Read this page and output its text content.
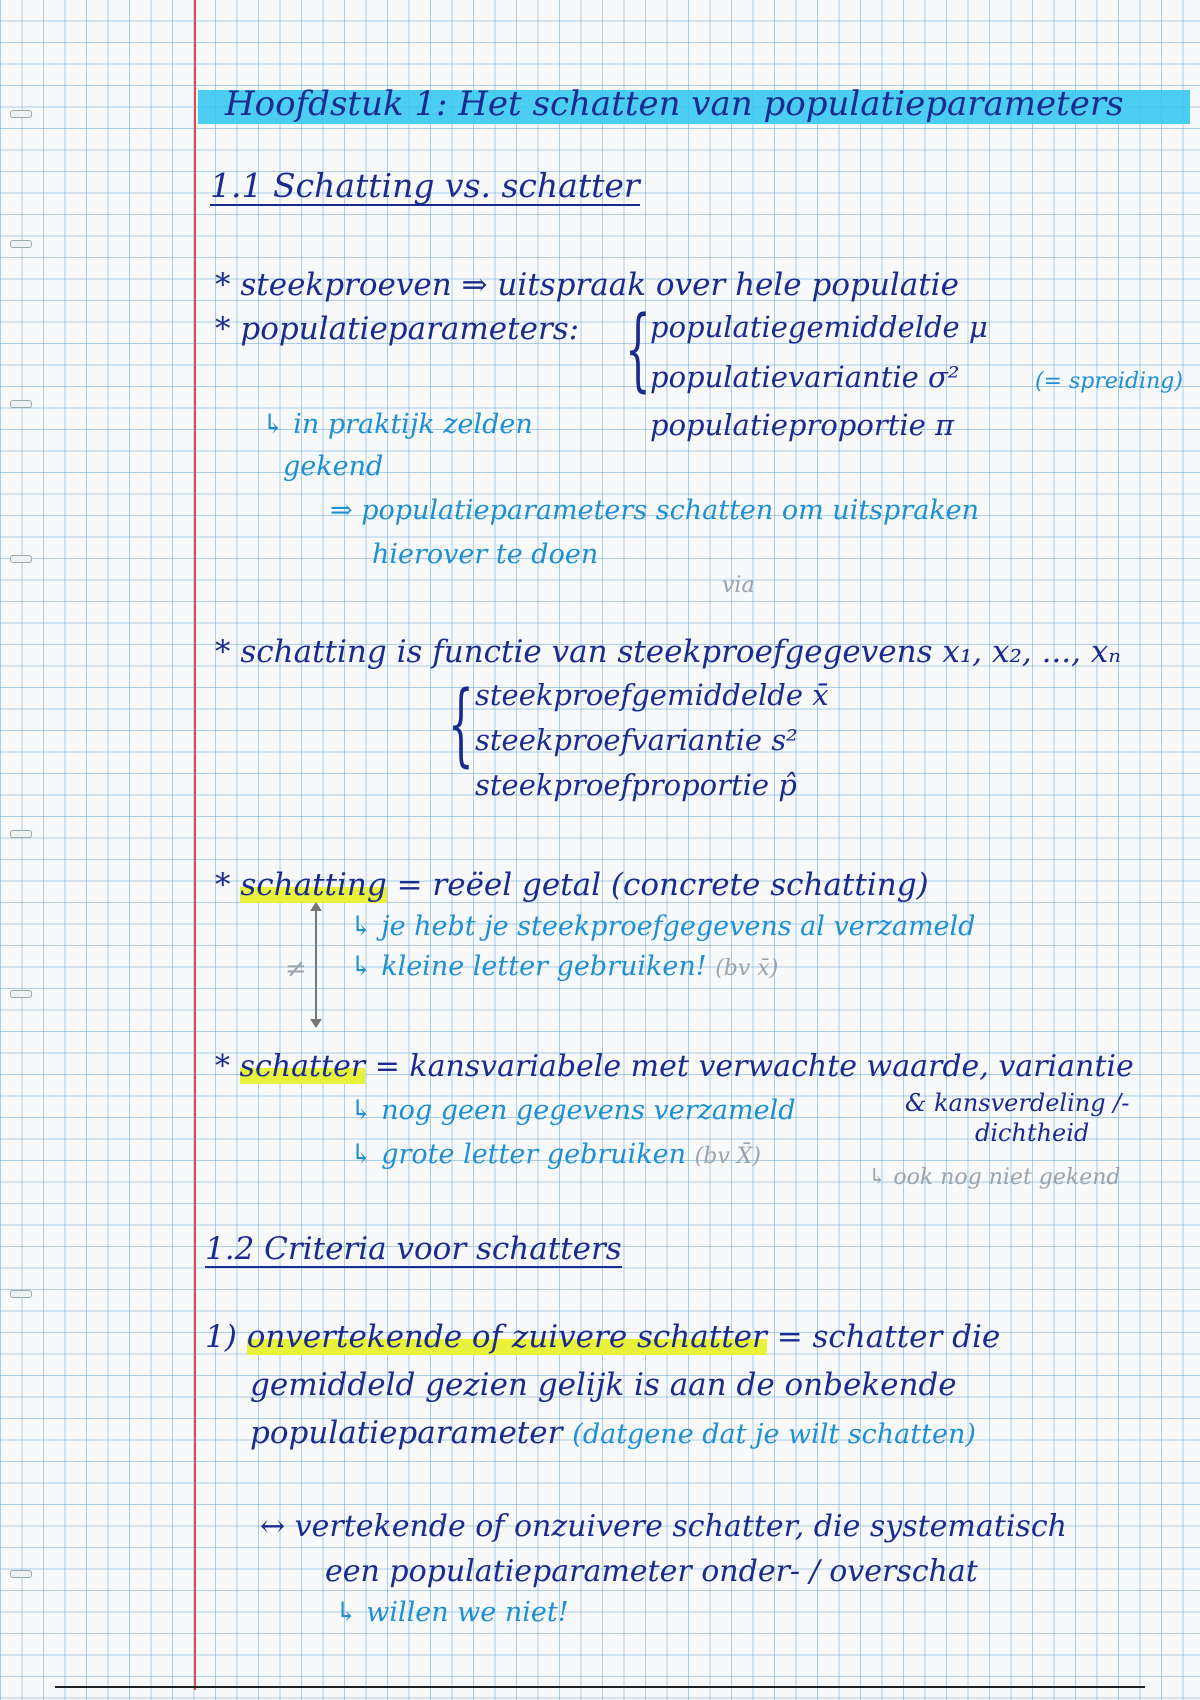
Hoofdstuk 1: Het schatten van populatieparameters
1.1 Schatting vs. schatter
* steekproeven ⇒ uitspraak over hele populatie
* populatieparameters: { populatiegemiddelde μ
populatievariantie σ²	(= spreiding)
populatieproportie π
↳ in praktijk zelden
gekend
⇒ populatieparameters schatten om uitspraken
hierover te doen
via
* schatting is functie van steekproefgegevens x₁, x₂, ..., xₙ
{ steekproefgemiddelde x̄
steekproefvariantie s²
steekproefproportie p̂
* schatting = reëel getal (concrete schatting)
↳ je hebt je steekproefgegevens al verzameld
↳ kleine letter gebruiken! (bv x̄)
≠
* schatter = kansvariabele met verwachte waarde, variantie
& kansverdeling /-
dichtheid
↳ nog geen gegevens verzameld
↳ grote letter gebruiken (bv X̄)
↳ ook nog niet gekend
1.2 Criteria voor schatters
1) onvertekende of zuivere schatter = schatter die
gemiddeld gezien gelijk is aan de onbekende
populatieparameter (datgene dat je wilt schatten)
↔ vertekende of onzuivere schatter, die systematisch
een populatieparameter onder- / overschat
↳ willen we niet!
